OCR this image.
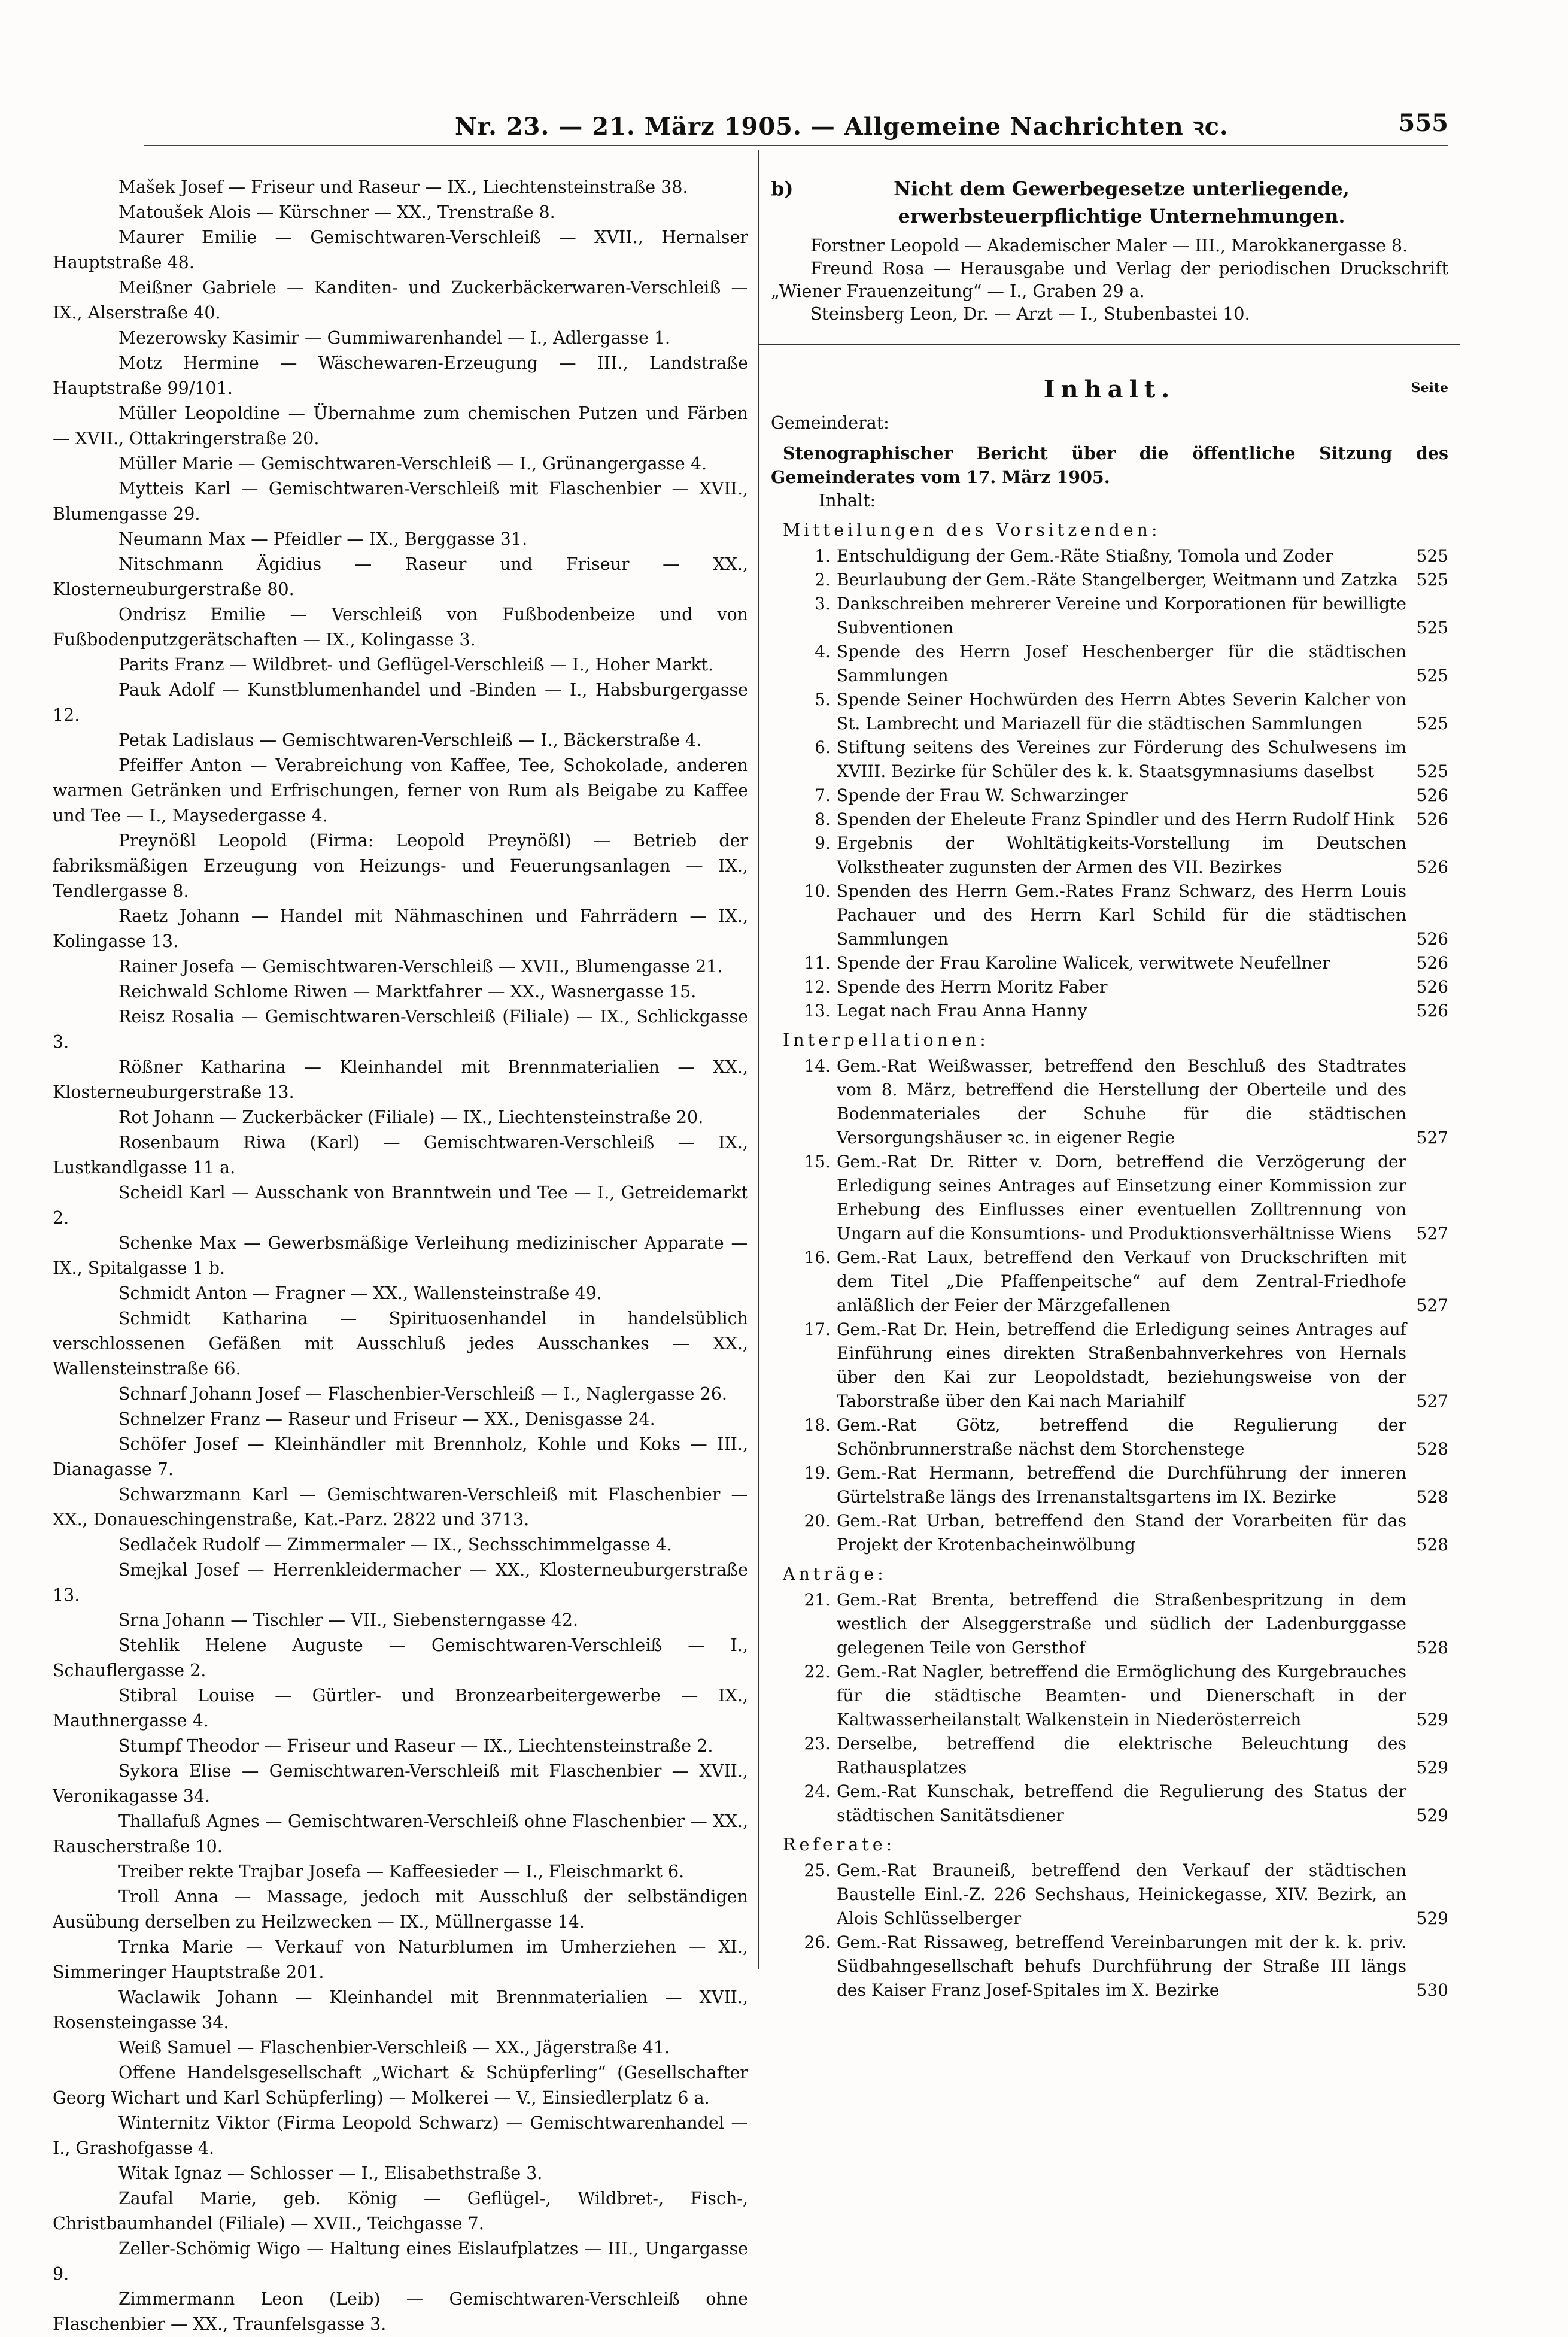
Nr. 23. — 21. März 1905. — Allgemeine Nachrichten ꝛc.	555

Mašek Josef — Friseur und Raseur — IX., Liechtensteinstraße 38.

Matoušek Alois — Kürschner — XX., Trenstraße 8.

Maurer Emilie — Gemischtwaren-Verschleiß — XVII., Hernalser Hauptstraße 48.

Meißner Gabriele — Kanditen- und Zuckerbäckerwaren-Verschleiß — IX., Alserstraße 40.

Mezerowsky Kasimir — Gummiwarenhandel — I., Adlergasse 1.

Motz Hermine — Wäschewaren-Erzeugung — III., Landstraße Hauptstraße 99/101.

Müller Leopoldine — Übernahme zum chemischen Putzen und Färben — XVII., Ottakringerstraße 20.

Müller Marie — Gemischtwaren-Verschleiß — I., Grünangergasse 4.

Mytteis Karl — Gemischtwaren-Verschleiß mit Flaschenbier — XVII., Blumengasse 29.

Neumann Max — Pfeidler — IX., Berggasse 31.

Nitschmann Ägidius — Raseur und Friseur — XX., Klosterneuburgerstraße 80.

Ondrisz Emilie — Verschleiß von Fußbodenbeize und von Fußbodenputzgerätschaften — IX., Kolingasse 3.

Parits Franz — Wildbret- und Geflügel-Verschleiß — I., Hoher Markt.

Pauk Adolf — Kunstblumenhandel und -Binden — I., Habsburgergasse 12.

Petak Ladislaus — Gemischtwaren-Verschleiß — I., Bäckerstraße 4.

Pfeiffer Anton — Verabreichung von Kaffee, Tee, Schokolade, anderen warmen Getränken und Erfrischungen, ferner von Rum als Beigabe zu Kaffee und Tee — I., Maysedergasse 4.

Preynößl Leopold (Firma: Leopold Preynößl) — Betrieb der fabriksmäßigen Erzeugung von Heizungs- und Feuerungsanlagen — IX., Tendlergasse 8.

Raetz Johann — Handel mit Nähmaschinen und Fahrrädern — IX., Kolingasse 13.

Rainer Josefa — Gemischtwaren-Verschleiß — XVII., Blumengasse 21.

Reichwald Schlome Riwen — Marktfahrer — XX., Wasnergasse 15.

Reisz Rosalia — Gemischtwaren-Verschleiß (Filiale) — IX., Schlickgasse 3.

Rößner Katharina — Kleinhandel mit Brennmaterialien — XX., Klosterneuburgerstraße 13.

Rot Johann — Zuckerbäcker (Filiale) — IX., Liechtensteinstraße 20.

Rosenbaum Riwa (Karl) — Gemischtwaren-Verschleiß — IX., Lustkandlgasse 11 a.

Scheidl Karl — Ausschank von Branntwein und Tee — I., Getreidemarkt 2.

Schenke Max — Gewerbsmäßige Verleihung medizinischer Apparate — IX., Spitalgasse 1 b.

Schmidt Anton — Fragner — XX., Wallensteinstraße 49.

Schmidt Katharina — Spirituosenhandel in handelsüblich verschlossenen Gefäßen mit Ausschluß jedes Ausschankes — XX., Wallensteinstraße 66.

Schnarf Johann Josef — Flaschenbier-Verschleiß — I., Naglergasse 26.

Schnelzer Franz — Raseur und Friseur — XX., Denisgasse 24.

Schöfer Josef — Kleinhändler mit Brennholz, Kohle und Koks — III., Dianagasse 7.

Schwarzmann Karl — Gemischtwaren-Verschleiß mit Flaschenbier — XX., Donaueschingenstraße, Kat.-Parz. 2822 und 3713.

Sedlaček Rudolf — Zimmermaler — IX., Sechsschimmelgasse 4.

Smejkal Josef — Herrenkleidermacher — XX., Klosterneuburgerstraße 13.

Srna Johann — Tischler — VII., Siebensterngasse 42.

Stehlik Helene Auguste — Gemischtwaren-Verschleiß — I., Schauflergasse 2.

Stibral Louise — Gürtler- und Bronzearbeitergewerbe — IX., Mauthnergasse 4.

Stumpf Theodor — Friseur und Raseur — IX., Liechtensteinstraße 2.

Sykora Elise — Gemischtwaren-Verschleiß mit Flaschenbier — XVII., Veronikagasse 34.

Thallafuß Agnes — Gemischtwaren-Verschleiß ohne Flaschenbier — XX., Rauscherstraße 10.

Treiber rekte Trajbar Josefa — Kaffeesieder — I., Fleischmarkt 6.

Troll Anna — Massage, jedoch mit Ausschluß der selbständigen Ausübung derselben zu Heilzwecken — IX., Müllnergasse 14.

Trnka Marie — Verkauf von Naturblumen im Umherziehen — XI., Simmeringer Hauptstraße 201.

Waclawik Johann — Kleinhandel mit Brennmaterialien — XVII., Rosensteingasse 34.

Weiß Samuel — Flaschenbier-Verschleiß — XX., Jägerstraße 41.

Offene Handelsgesellschaft „Wichart & Schüpferling“ (Gesellschafter Georg Wichart und Karl Schüpferling) — Molkerei — V., Einsiedlerplatz 6 a.

Winternitz Viktor (Firma Leopold Schwarz) — Gemischtwarenhandel — I., Grashofgasse 4.

Witak Ignaz — Schlosser — I., Elisabethstraße 3.

Zaufal Marie, geb. König — Geflügel-, Wildbret-, Fisch-, Christbaumhandel (Filiale) — XVII., Teichgasse 7.

Zeller-Schömig Wigo — Haltung eines Eislaufplatzes — III., Ungargasse 9.

Zimmermann Leon (Leib) — Gemischtwaren-Verschleiß ohne Flaschenbier — XX., Traunfelsgasse 3.

b)	Nicht dem Gewerbegesetze unterliegende, erwerbsteuerpflichtige Unternehmungen.

Forstner Leopold — Akademischer Maler — III., Marokkanergasse 8.

Freund Rosa — Herausgabe und Verlag der periodischen Druckschrift „Wiener Frauenzeitung“ — I., Graben 29 a.

Steinsberg Leon, Dr. — Arzt — I., Stubenbastei 10.

Inhalt.	Seite

Gemeinderat:

Stenographischer Bericht über die öffentliche Sitzung des Gemeinderates vom 17. März 1905.

Inhalt:

Mitteilungen des Vorsitzenden:
1. Entschuldigung der Gem.-Räte Stiaßny, Tomola und Zoder	525
2. Beurlaubung der Gem.-Räte Stangelberger, Weitmann und Zatzka 525
3. Dankschreiben mehrerer Vereine und Korporationen für bewilligte Subventionen	525
4. Spende des Herrn Josef Heschenberger für die städtischen Sammlungen	525
5. Spende Seiner Hochwürden des Herrn Abtes Severin Kalcher von St. Lambrecht und Mariazell für die städtischen Sammlungen	525
6. Stiftung seitens des Vereines zur Förderung des Schulwesens im XVIII. Bezirke für Schüler des k. k. Staatsgymnasiums daselbst	525
7. Spende der Frau W. Schwarzinger	526
8. Spenden der Eheleute Franz Spindler und des Herrn Rudolf Hink 526
9. Ergebnis der Wohltätigkeits-Vorstellung im Deutschen Volkstheater zugunsten der Armen des VII. Bezirkes	526
10. Spenden des Herrn Gem.-Rates Franz Schwarz, des Herrn Louis Pachauer und des Herrn Karl Schild für die städtischen Sammlungen	526
11. Spende der Frau Karoline Walicek, verwitwete Neufellner	526
12. Spende des Herrn Moritz Faber	526
13. Legat nach Frau Anna Hanny	526
Interpellationen:
14. Gem.-Rat Weißwasser, betreffend den Beschluß des Stadtrates vom 8. März, betreffend die Herstellung der Oberteile und des Bodenmateriales der Schuhe für die städtischen Versorgungshäuser ꝛc. in eigener Regie	527
15. Gem.-Rat Dr. Ritter v. Dorn, betreffend die Verzögerung der Erledigung seines Antrages auf Einsetzung einer Kommission zur Erhebung des Einflusses einer eventuellen Zolltrennung von Ungarn auf die Konsumtions- und Produktionsverhältnisse Wiens 527
16. Gem.-Rat Laux, betreffend den Verkauf von Druckschriften mit dem Titel „Die Pfaffenpeitsche“ auf dem Zentral-Friedhofe anläßlich der Feier der Märzgefallenen	527
17. Gem.-Rat Dr. Hein, betreffend die Erledigung seines Antrages auf Einführung eines direkten Straßenbahnverkehres von Hernals über den Kai zur Leopoldstadt, beziehungsweise von der Taborstraße über den Kai nach Mariahilf	527
18. Gem.-Rat Götz, betreffend die Regulierung der Schönbrunnerstraße nächst dem Storchenstege	528
19. Gem.-Rat Hermann, betreffend die Durchführung der inneren Gürtelstraße längs des Irrenanstaltsgartens im IX. Bezirke	528
20. Gem.-Rat Urban, betreffend den Stand der Vorarbeiten für das Projekt der Krotenbacheinwölbung	528
Anträge:
21. Gem.-Rat Brenta, betreffend die Straßenbespritzung in dem westlich der Alseggerstraße und südlich der Ladenburggasse gelegenen Teile von Gersthof	528
22. Gem.-Rat Nagler, betreffend die Ermöglichung des Kurgebrauches für die städtische Beamten- und Dienerschaft in der Kaltwasserheilanstalt Walkenstein in Niederösterreich	529
23. Derselbe, betreffend die elektrische Beleuchtung des Rathausplatzes	529
24. Gem.-Rat Kunschak, betreffend die Regulierung des Status der städtischen Sanitätsdiener	529
Referate:
25. Gem.-Rat Brauneiß, betreffend den Verkauf der städtischen Baustelle Einl.-Z. 226 Sechshaus, Heinickegasse, XIV. Bezirk, an Alois Schlüsselberger	529
26. Gem.-Rat Rissaweg, betreffend Vereinbarungen mit der k. k. priv. Südbahngesellschaft behufs Durchführung der Straße III längs des Kaiser Franz Josef-Spitales im X. Bezirke	530
